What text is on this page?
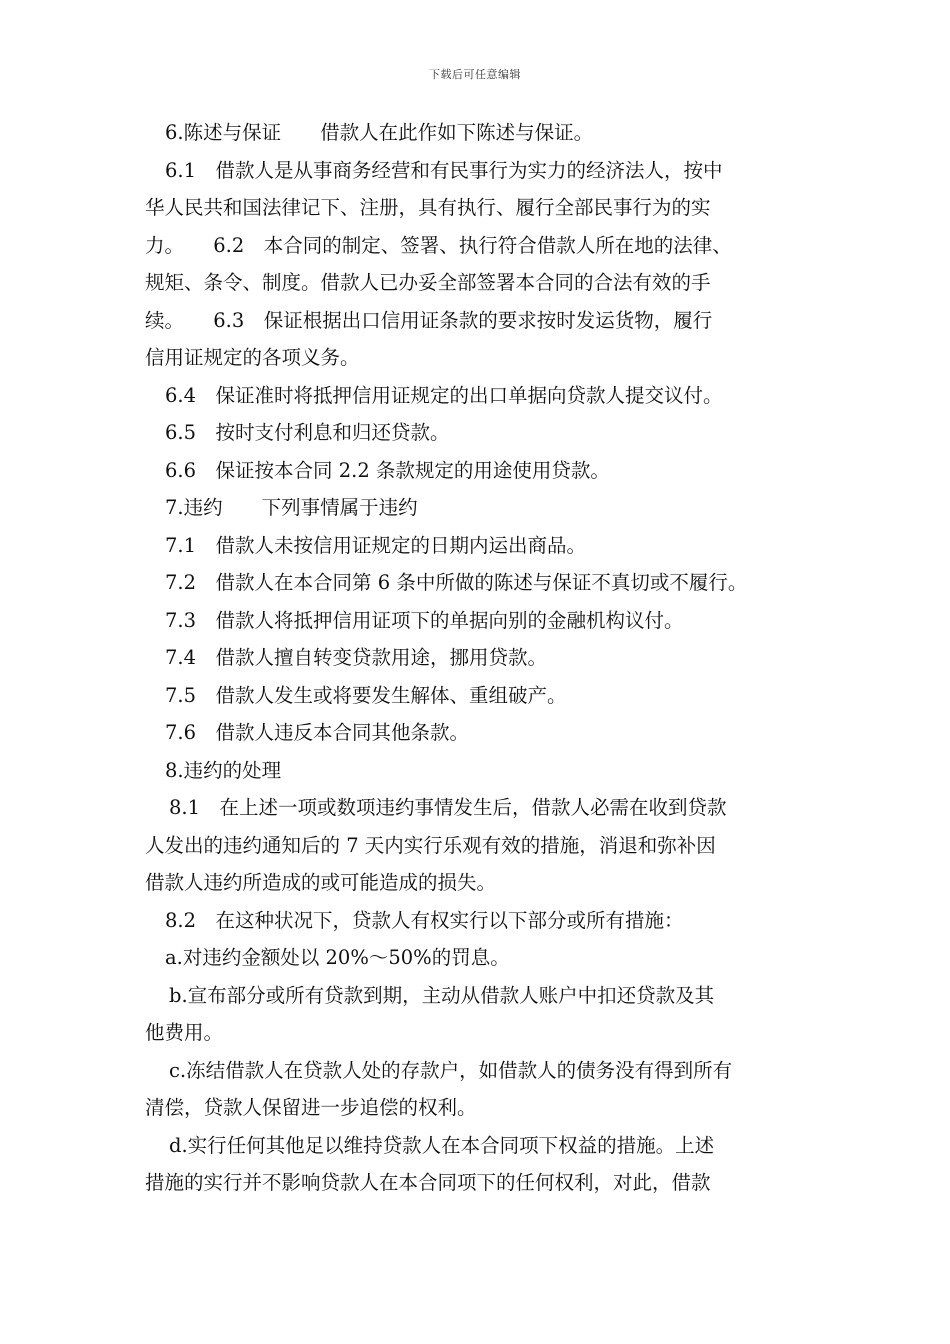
下载后可任意编辑
6.陈述与保证　　借款人在此作如下陈述与保证。
6.1　借款人是从事商务经营和有民事行为实力的经济法人，按中
华人民共和国法律记下、注册，具有执行、履行全部民事行为的实
力。　　6.2　本合同的制定、签署、执行符合借款人所在地的法律、
规矩、条令、制度。借款人已办妥全部签署本合同的合法有效的手
续。　　6.3　保证根据出口信用证条款的要求按时发运货物，履行
信用证规定的各项义务。
6.4　保证准时将抵押信用证规定的出口单据向贷款人提交议付。
6.5　按时支付利息和归还贷款。
6.6　保证按本合同 2.2 条款规定的用途使用贷款。
7.违约　　下列事情属于违约
7.1　借款人未按信用证规定的日期内运出商品。
7.2　借款人在本合同第 6 条中所做的陈述与保证不真切或不履行。
7.3　借款人将抵押信用证项下的单据向别的金融机构议付。
7.4　借款人擅自转变贷款用途，挪用贷款。
7.5　借款人发生或将要发生解体、重组破产。
7.6　借款人违反本合同其他条款。
8.违约的处理
8.1　在上述一项或数项违约事情发生后，借款人必需在收到贷款
人发出的违约通知后的 7 天内实行乐观有效的措施，消退和弥补因
借款人违约所造成的或可能造成的损失。
8.2　在这种状况下，贷款人有权实行以下部分或所有措施：
a.对违约金额处以 20%～50%的罚息。
b.宣布部分或所有贷款到期，主动从借款人账户中扣还贷款及其
他费用。
c.冻结借款人在贷款人处的存款户，如借款人的债务没有得到所有
清偿，贷款人保留进一步追偿的权利。
d.实行任何其他足以维持贷款人在本合同项下权益的措施。上述
措施的实行并不影响贷款人在本合同项下的任何权利，对此，借款
